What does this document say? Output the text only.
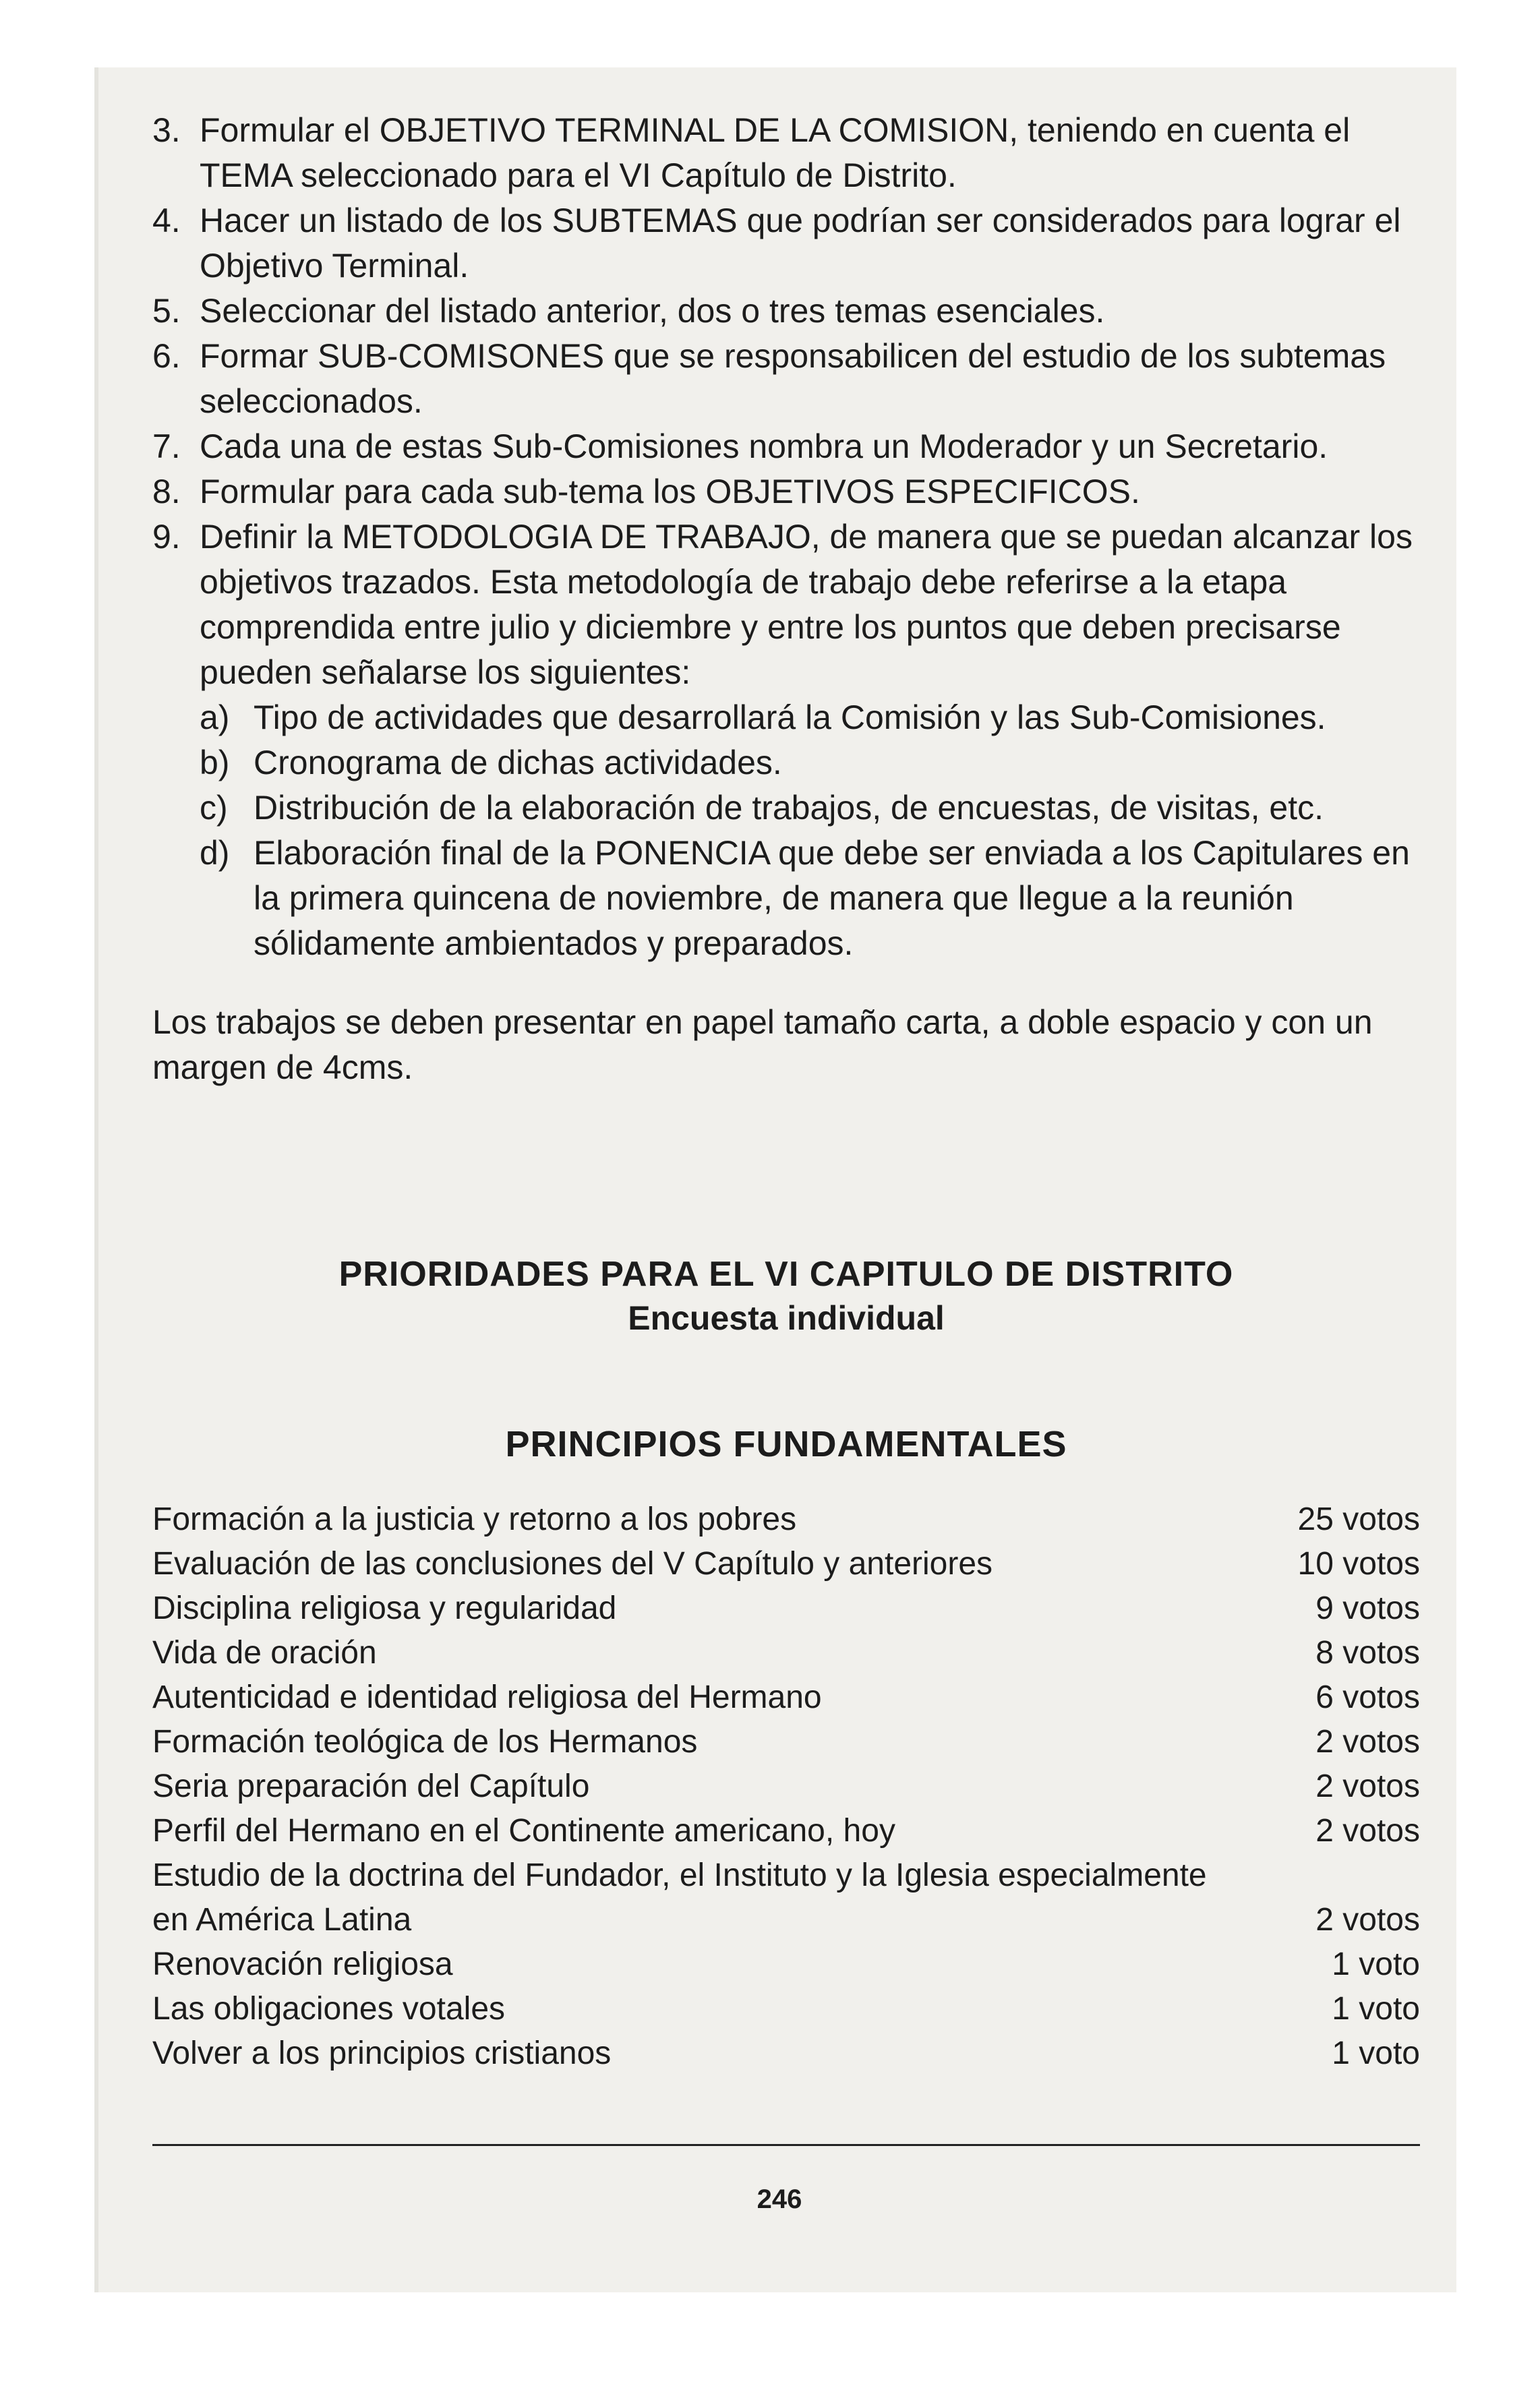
3. Formular el OBJETIVO TERMINAL DE LA COMISION, teniendo en cuenta el TEMA seleccionado para el VI Capítulo de Distrito.
4. Hacer un listado de los SUBTEMAS que podrían ser considerados para lograr el Objetivo Terminal.
5. Seleccionar del listado anterior, dos o tres temas esenciales.
6. Formar SUB-COMISONES que se responsabilicen del estudio de los subtemas seleccionados.
7. Cada una de estas Sub-Comisiones nombra un Moderador y un Secretario.
8. Formular para cada sub-tema los OBJETIVOS ESPECIFICOS.
9. Definir la METODOLOGIA DE TRABAJO, de manera que se puedan alcanzar los objetivos trazados. Esta metodología de trabajo debe referirse a la etapa comprendida entre julio y diciembre y entre los puntos que deben precisarse pueden señalarse los siguientes:
a) Tipo de actividades que desarrollará la Comisión y las Sub-Comisiones.
b) Cronograma de dichas actividades.
c) Distribución de la elaboración de trabajos, de encuestas, de visitas, etc.
d) Elaboración final de la PONENCIA que debe ser enviada a los Capitulares en la primera quincena de noviembre, de manera que llegue a la reunión sólidamente ambientados y preparados.

Los trabajos se deben presentar en papel tamaño carta, a doble espacio y con un margen de 4cms.

PRIORIDADES PARA EL VI CAPITULO DE DISTRITO
Encuesta individual
PRINCIPIOS FUNDAMENTALES
Formación a la justicia y retorno a los pobres	25 votos
Evaluación de las conclusiones del V Capítulo y anteriores	10 votos
Disciplina religiosa y regularidad	9 votos
Vida de oración	8 votos
Autenticidad e identidad religiosa del Hermano	6 votos
Formación teológica de los Hermanos	2 votos
Seria preparación del Capítulo	2 votos
Perfil del Hermano en el Continente americano, hoy	2 votos
Estudio de la doctrina del Fundador, el Instituto y la Iglesia especialmente en América Latina	2 votos
Renovación religiosa	1 voto
Las obligaciones votales	1 voto
Volver a los principios cristianos	1 voto
246
